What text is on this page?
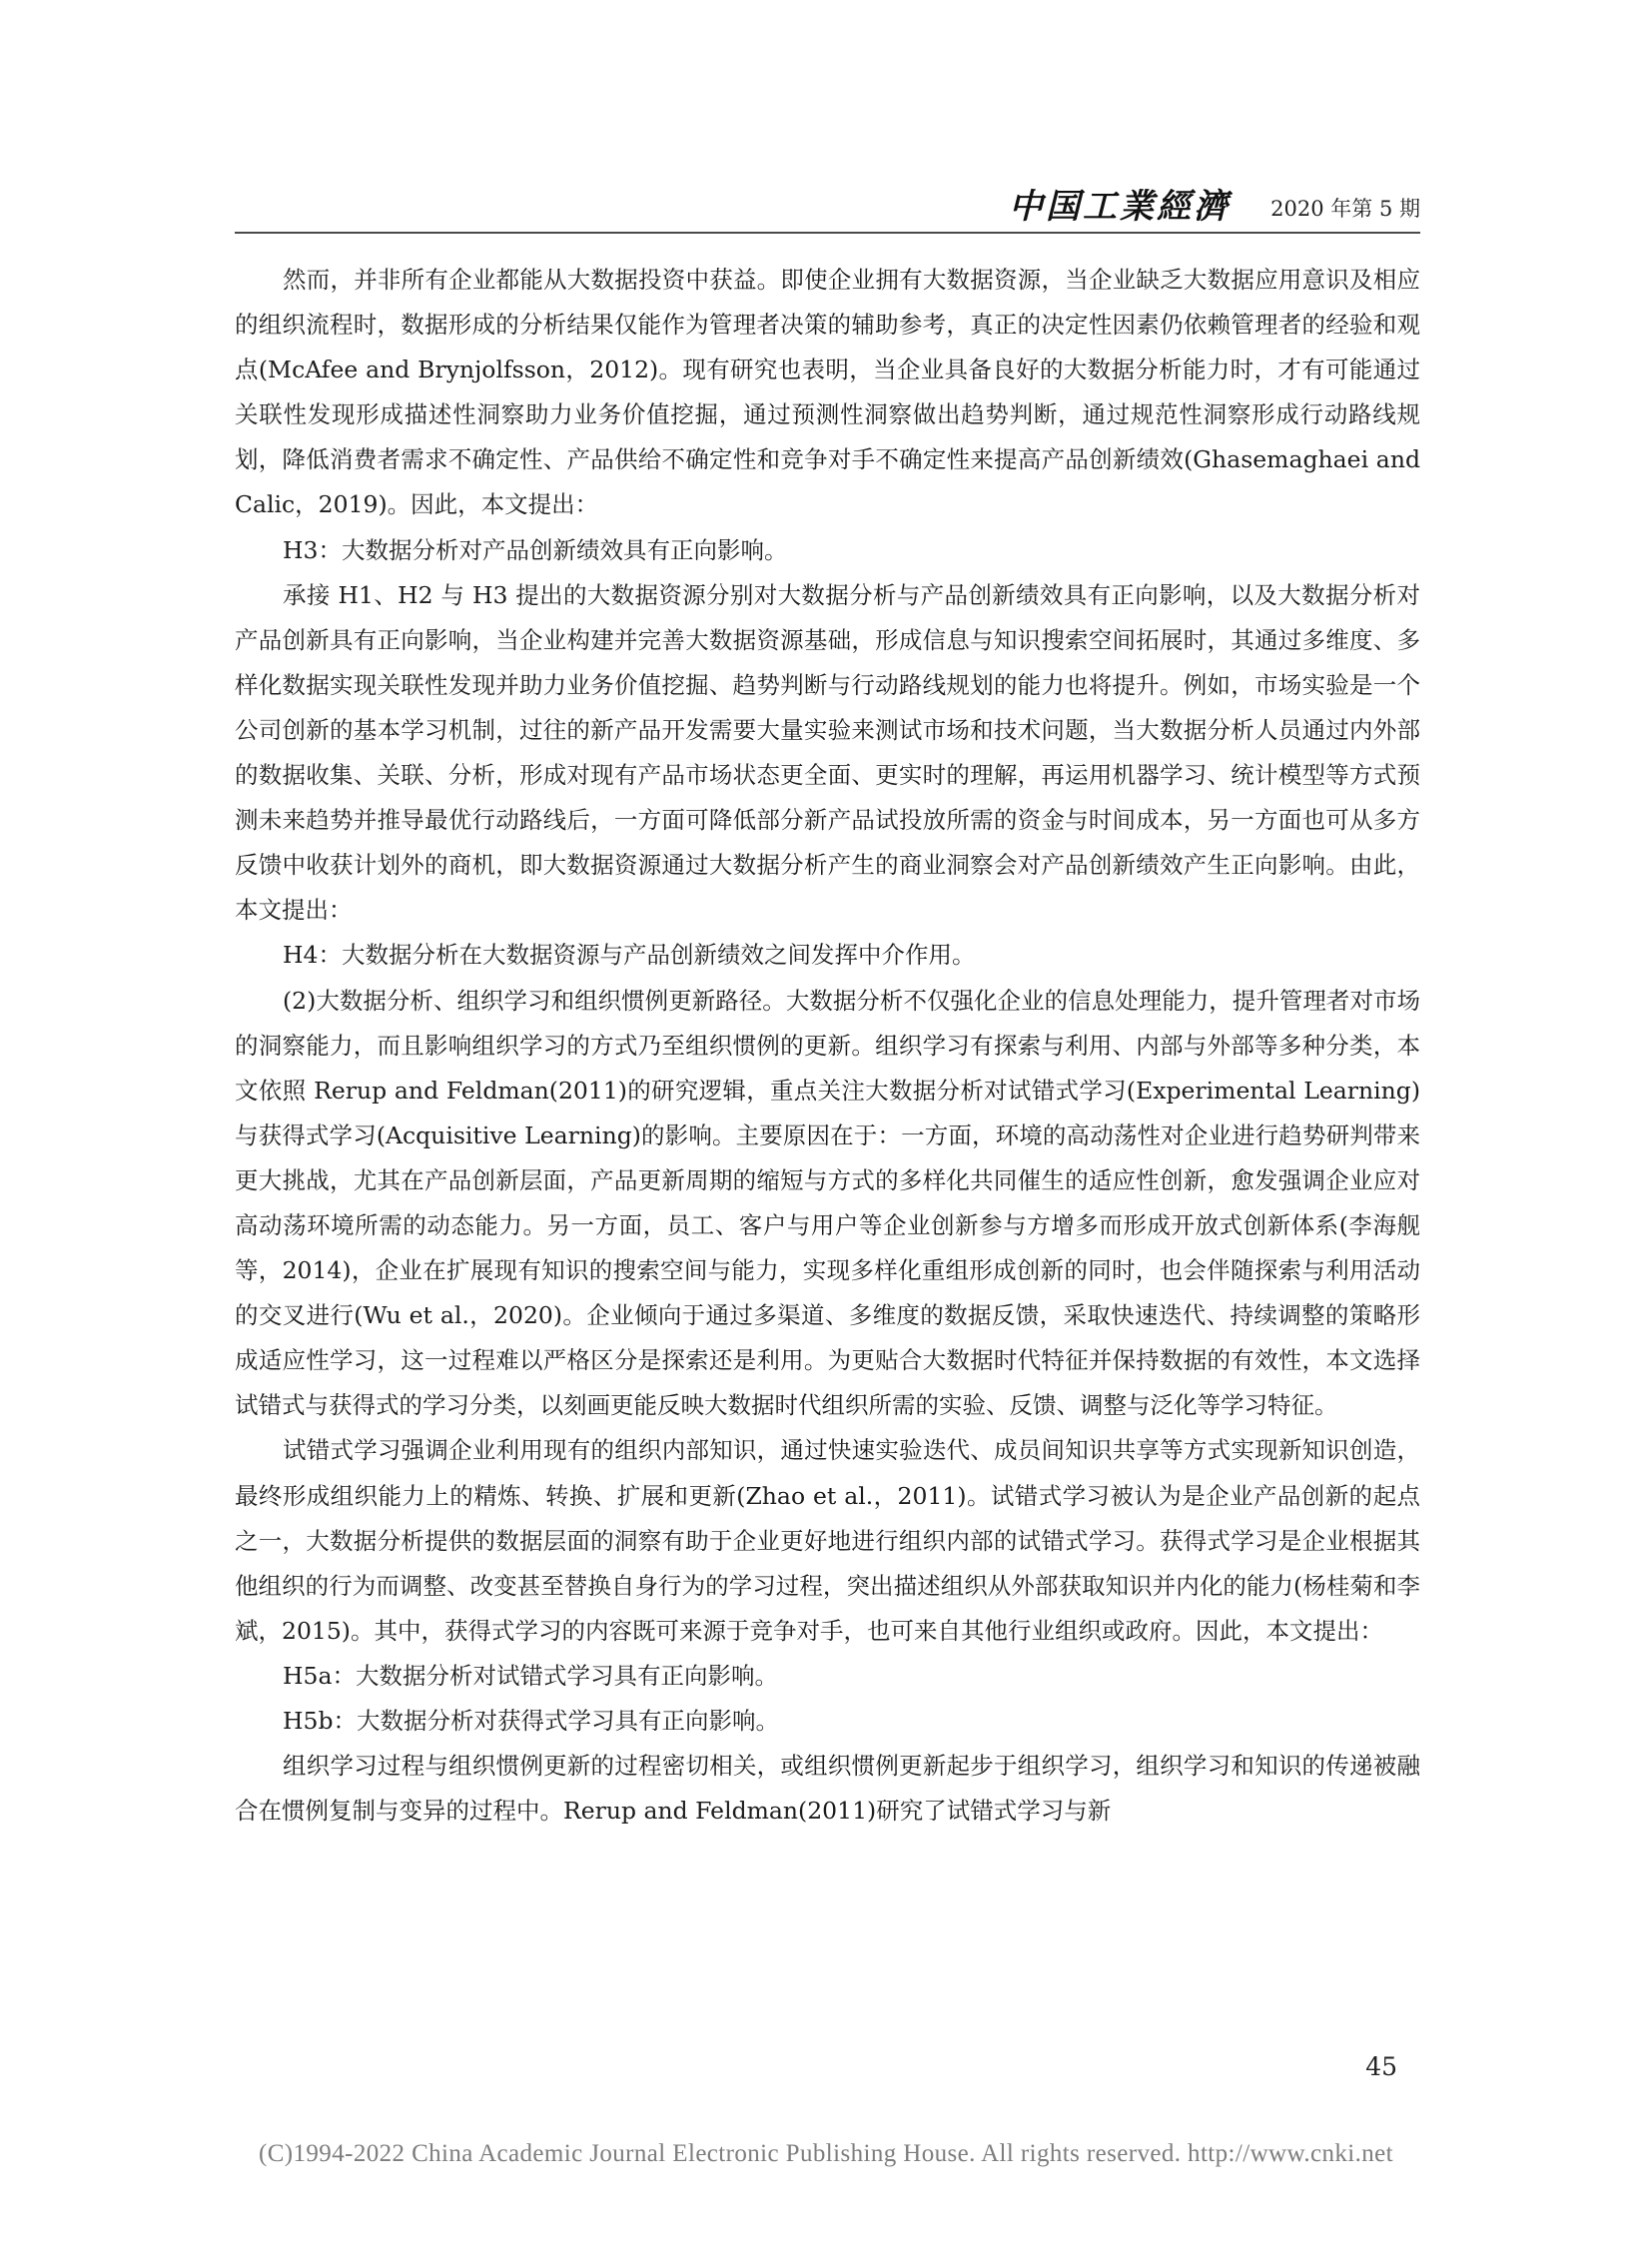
中国工業經濟 2020 年第 5 期

然而，并非所有企业都能从大数据投资中获益。即使企业拥有大数据资源，当企业缺乏大数据应用意识及相应的组织流程时，数据形成的分析结果仅能作为管理者决策的辅助参考，真正的决定性因素仍依赖管理者的经验和观点(McAfee and Brynjolfsson，2012)。现有研究也表明，当企业具备良好的大数据分析能力时，才有可能通过关联性发现形成描述性洞察助力业务价值挖掘，通过预测性洞察做出趋势判断，通过规范性洞察形成行动路线规划，降低消费者需求不确定性、产品供给不确定性和竞争对手不确定性来提高产品创新绩效(Ghasemaghaei and Calic，2019)。因此，本文提出：

H3：大数据分析对产品创新绩效具有正向影响。

承接 H1、H2 与 H3 提出的大数据资源分别对大数据分析与产品创新绩效具有正向影响，以及大数据分析对产品创新具有正向影响，当企业构建并完善大数据资源基础，形成信息与知识搜索空间拓展时，其通过多维度、多样化数据实现关联性发现并助力业务价值挖掘、趋势判断与行动路线规划的能力也将提升。例如，市场实验是一个公司创新的基本学习机制，过往的新产品开发需要大量实验来测试市场和技术问题，当大数据分析人员通过内外部的数据收集、关联、分析，形成对现有产品市场状态更全面、更实时的理解，再运用机器学习、统计模型等方式预测未来趋势并推导最优行动路线后，一方面可降低部分新产品试投放所需的资金与时间成本，另一方面也可从多方反馈中收获计划外的商机，即大数据资源通过大数据分析产生的商业洞察会对产品创新绩效产生正向影响。由此，本文提出：

H4：大数据分析在大数据资源与产品创新绩效之间发挥中介作用。

(2)大数据分析、组织学习和组织惯例更新路径。大数据分析不仅强化企业的信息处理能力，提升管理者对市场的洞察能力，而且影响组织学习的方式乃至组织惯例的更新。组织学习有探索与利用、内部与外部等多种分类，本文依照 Rerup and Feldman(2011)的研究逻辑，重点关注大数据分析对试错式学习(Experimental Learning)与获得式学习(Acquisitive Learning)的影响。主要原因在于：一方面，环境的高动荡性对企业进行趋势研判带来更大挑战，尤其在产品创新层面，产品更新周期的缩短与方式的多样化共同催生的适应性创新，愈发强调企业应对高动荡环境所需的动态能力。另一方面，员工、客户与用户等企业创新参与方增多而形成开放式创新体系(李海舰等，2014)，企业在扩展现有知识的搜索空间与能力，实现多样化重组形成创新的同时，也会伴随探索与利用活动的交叉进行(Wu et al.，2020)。企业倾向于通过多渠道、多维度的数据反馈，采取快速迭代、持续调整的策略形成适应性学习，这一过程难以严格区分是探索还是利用。为更贴合大数据时代特征并保持数据的有效性，本文选择试错式与获得式的学习分类，以刻画更能反映大数据时代组织所需的实验、反馈、调整与泛化等学习特征。

试错式学习强调企业利用现有的组织内部知识，通过快速实验迭代、成员间知识共享等方式实现新知识创造，最终形成组织能力上的精炼、转换、扩展和更新(Zhao et al.，2011)。试错式学习被认为是企业产品创新的起点之一，大数据分析提供的数据层面的洞察有助于企业更好地进行组织内部的试错式学习。获得式学习是企业根据其他组织的行为而调整、改变甚至替换自身行为的学习过程，突出描述组织从外部获取知识并内化的能力(杨桂菊和李斌，2015)。其中，获得式学习的内容既可来源于竞争对手，也可来自其他行业组织或政府。因此，本文提出：

H5a：大数据分析对试错式学习具有正向影响。

H5b：大数据分析对获得式学习具有正向影响。

组织学习过程与组织惯例更新的过程密切相关，或组织惯例更新起步于组织学习，组织学习和知识的传递被融合在惯例复制与变异的过程中。Rerup and Feldman(2011)研究了试错式学习与新

45
(C)1994-2022 China Academic Journal Electronic Publishing House. All rights reserved. http://www.cnki.net
